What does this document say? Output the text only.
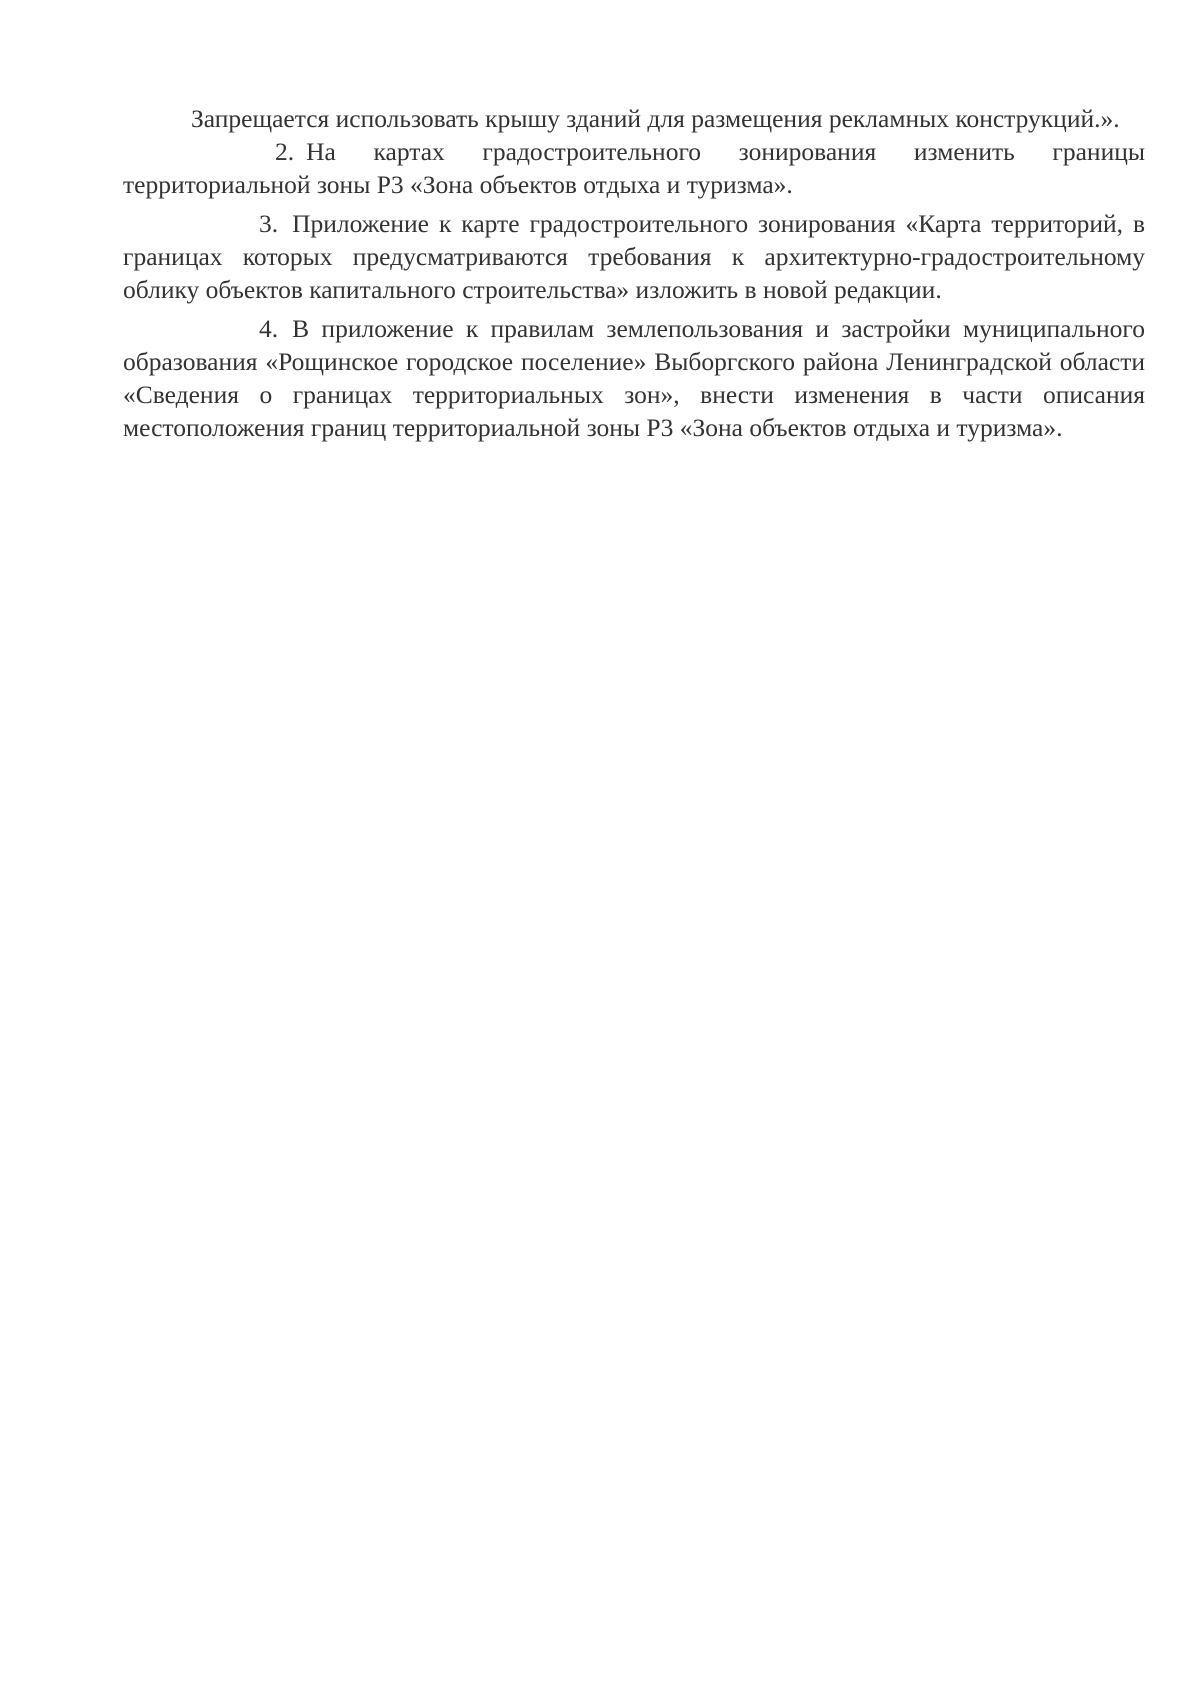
Запрещается использовать крышу зданий для размещения рекламных конструкций.».

2. На картах градостроительного зонирования изменить границы территориальной зоны Р3 «Зона объектов отдыха и туризма».

3. Приложение к карте градостроительного зонирования «Карта территорий, в границах которых предусматриваются требования к архитектурно-градостроительному облику объектов капитального строительства» изложить в новой редакции.

4. В приложение к правилам землепользования и застройки муниципального образования «Рощинское городское поселение» Выборгского района Ленинградской области «Сведения о границах территориальных зон», внести изменения в части описания местоположения границ территориальной зоны Р3 «Зона объектов отдыха и туризма».
